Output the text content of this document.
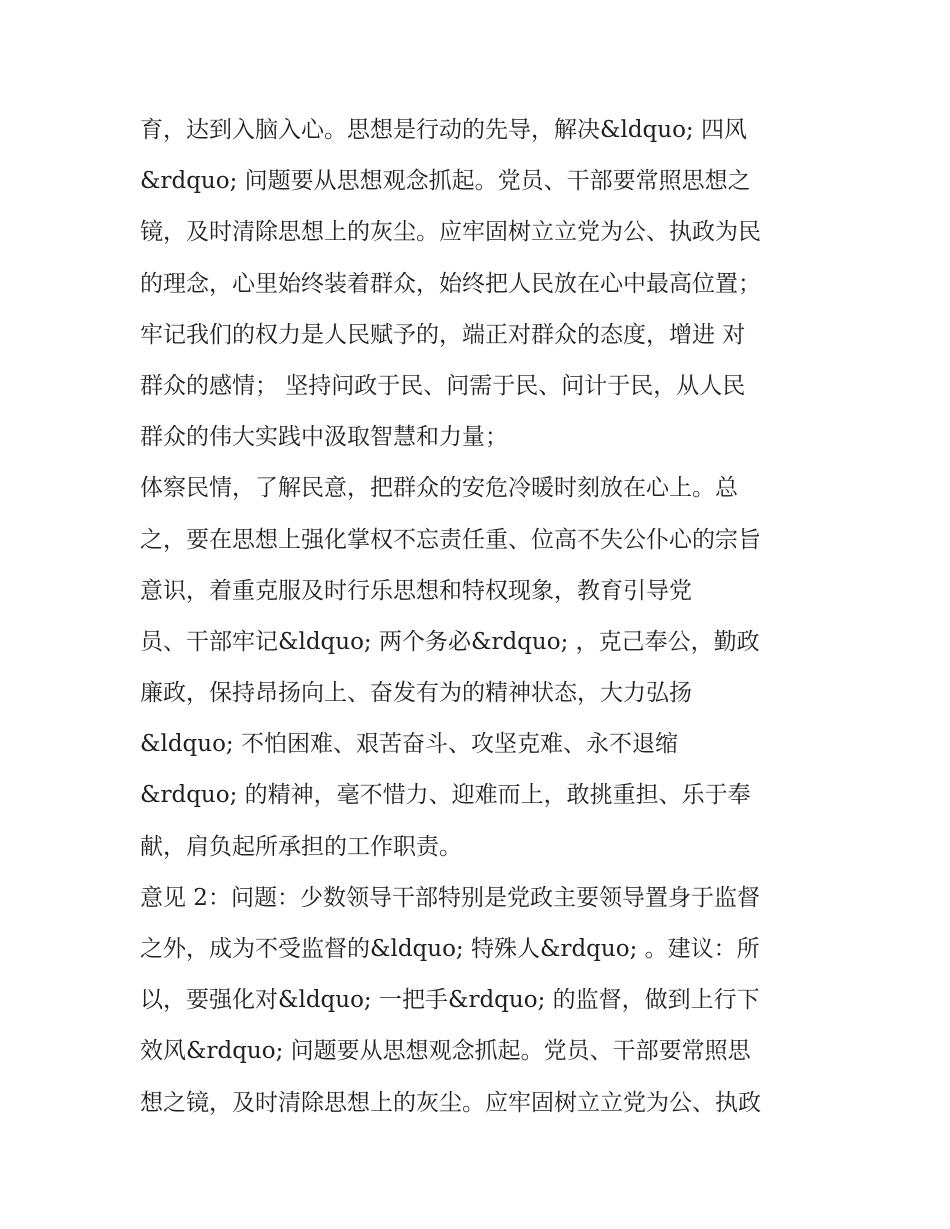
育，达到入脑入心。思想是行动的先导，解决&ldquo; 四风
&rdquo; 问题要从思想观念抓起。党员、干部要常照思想之
镜，及时清除思想上的灰尘。应牢固树立立党为公、执政为民
的理念，心里始终装着群众，始终把人民放在心中最高位置；
牢记我们的权力是人民赋予的，端正对群众的态度，增进 对
群众的感情； 坚持问政于民、问需于民、问计于民，从人民
群众的伟大实践中汲取智慧和力量；
体察民情，了解民意，把群众的安危冷暖时刻放在心上。总
之，要在思想上强化掌权不忘责任重、位高不失公仆心的宗旨
意识，着重克服及时行乐思想和特权现象，教育引导党
员、干部牢记&ldquo; 两个务必&rdquo; ，克己奉公，勤政
廉政，保持昂扬向上、奋发有为的精神状态，大力弘扬
&ldquo; 不怕困难、艰苦奋斗、攻坚克难、永不退缩
&rdquo; 的精神，毫不惜力、迎难而上，敢挑重担、乐于奉
献，肩负起所承担的工作职责。
意见 2：问题：少数领导干部特别是党政主要领导置身于监督
之外，成为不受监督的&ldquo; 特殊人&rdquo; 。建议：所
以，要强化对&ldquo; 一把手&rdquo; 的监督，做到上行下
效风&rdquo; 问题要从思想观念抓起。党员、干部要常照思
想之镜，及时清除思想上的灰尘。应牢固树立立党为公、执政
